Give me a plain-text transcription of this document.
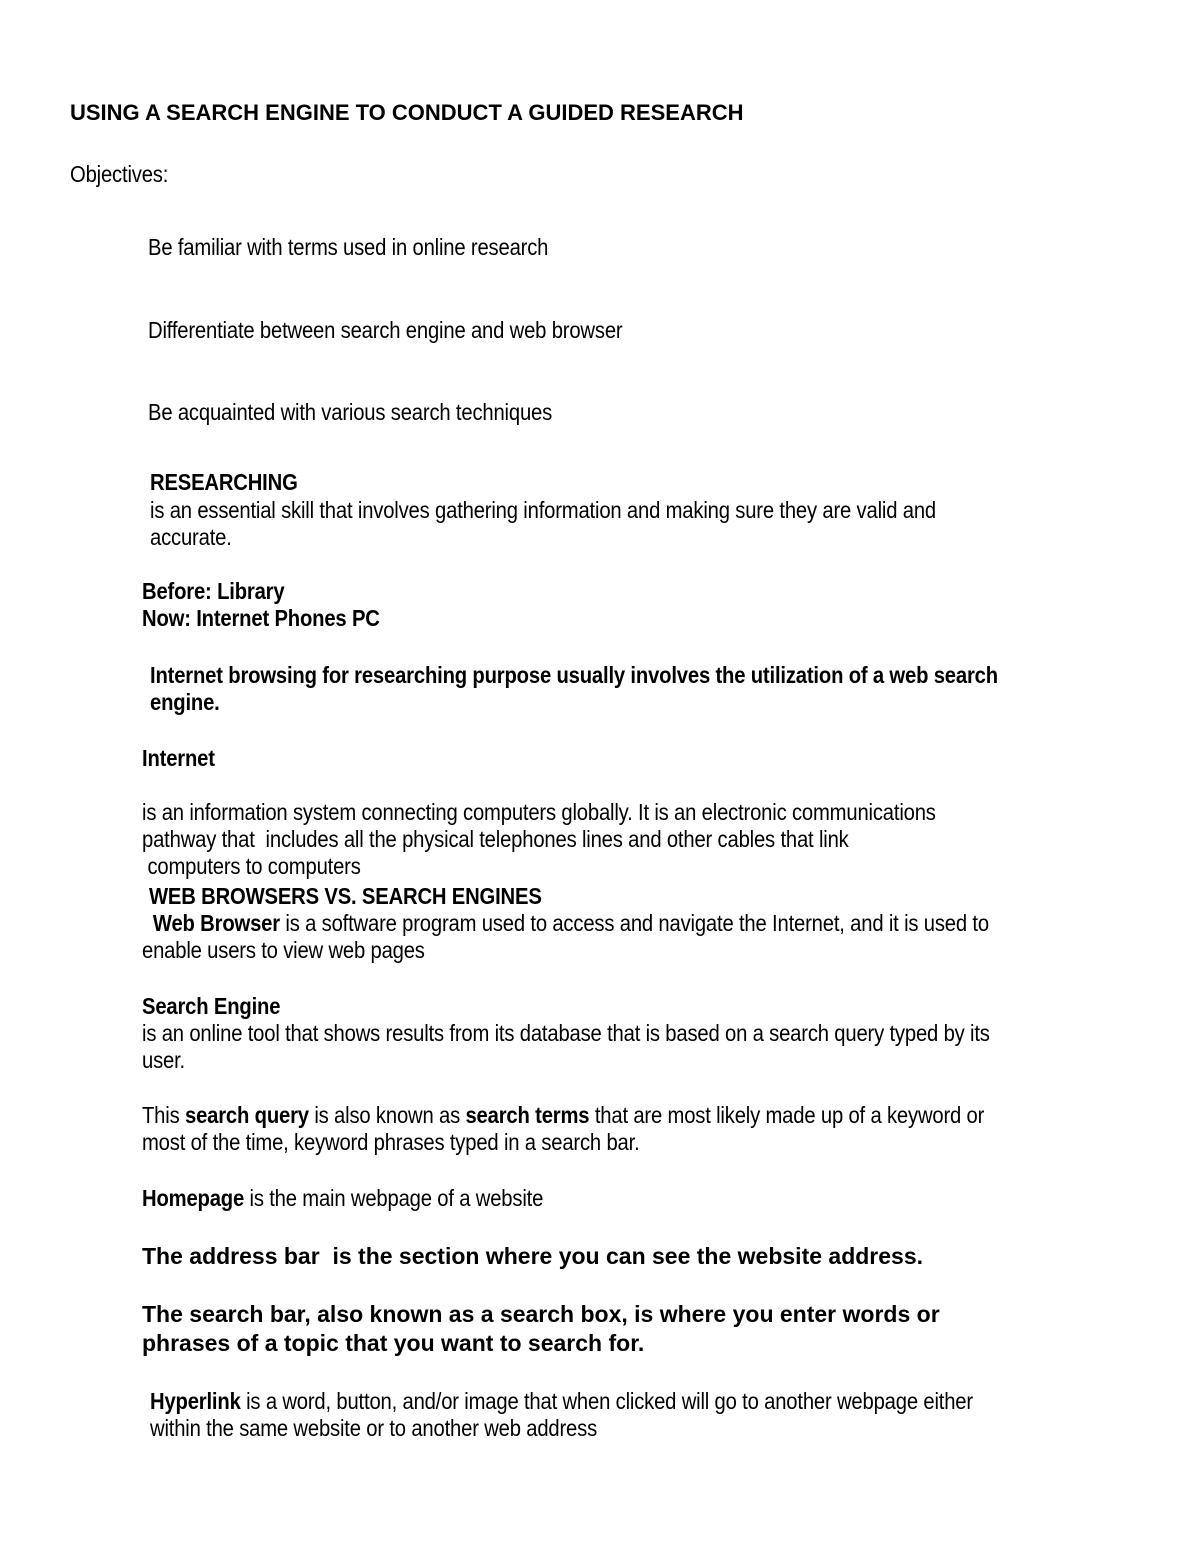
USING A SEARCH ENGINE TO CONDUCT A GUIDED RESEARCH
Objectives:
Be familiar with terms used in online research
Differentiate between search engine and web browser
Be acquainted with various search techniques
RESEARCHING
is an essential skill that involves gathering information and making sure they are valid and
accurate.
Before: Library
Now: Internet Phones PC
Internet browsing for researching purpose usually involves the utilization of a web search
engine.
Internet

is an information system connecting computers globally. It is an electronic communications
pathway that  includes all the physical telephones lines and other cables that link
computers to computers
WEB BROWSERS VS. SEARCH ENGINES
Web Browser is a software program used to access and navigate the Internet, and it is used to
enable users to view web pages
Search Engine
is an online tool that shows results from its database that is based on a search query typed by its
user.
This search query is also known as search terms that are most likely made up of a keyword or
most of the time, keyword phrases typed in a search bar.
Homepage is the main webpage of a website
The address bar  is the section where you can see the website address.
The search bar, also known as a search box, is where you enter words or
phrases of a topic that you want to search for.
Hyperlink is a word, button, and/or image that when clicked will go to another webpage either
within the same website or to another web address
